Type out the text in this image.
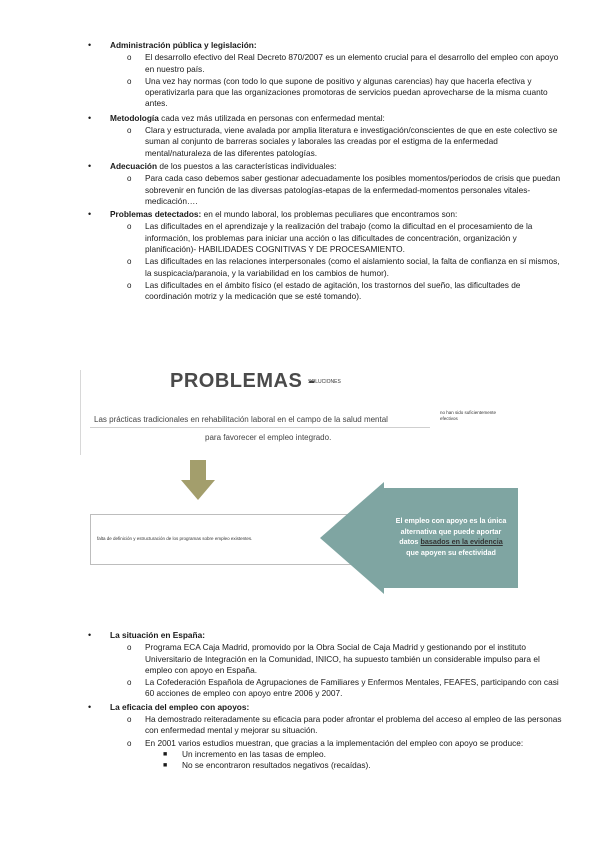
• Administración pública y legislación:
o El desarrollo efectivo del Real Decreto 870/2007 es un elemento crucial para el desarrollo del empleo con apoyo en nuestro país.
o Una vez hay normas (con todo lo que supone de positivo y algunas carencias) hay que hacerla efectiva y operativizarla para que las organizaciones promotoras de servicios puedan aprovecharse de la misma cuanto antes.
• Metodología cada vez más utilizada en personas con enfermedad mental:
o Clara y estructurada, viene avalada por amplia literatura e investigación/conscientes de que en este colectivo se suman al conjunto de barreras sociales y laborales las creadas por el estigma de la enfermedad mental/naturaleza de las diferentes patologías.
• Adecuación de los puestos a las características individuales:
o Para cada caso debemos saber gestionar adecuadamente los posibles momentos/periodos de crisis que puedan sobrevenir en función de las diversas patologías-etapas de la enfermedad-momentos personales vitales-medicación….
• Problemas detectados: en el mundo laboral, los problemas peculiares que encontramos son:
o Las dificultades en el aprendizaje y la realización del trabajo (como la dificultad en el procesamiento de la información, los problemas para iniciar una acción o las dificultades de concentración, organización y planificación)- HABILIDADES COGNITIVAS Y DE PROCESAMIENTO.
o Las dificultades en las relaciones interpersonales (como el aislamiento social, la falta de confianza en sí mismos, la suspicacia/paranoia, y la variabilidad en los cambios de humor).
o Las dificultades en el ámbito físico (el estado de agitación, los trastornos del sueño, las dificultades de coordinación motriz y la medicación que se esté tomando).
PROBLEMAS -
SOLUCIONES
Las prácticas tradicionales en rehabilitación laboral en el campo de la salud mental
para favorecer el empleo integrado.
no han sido suficientemente efectivos
falta de definición y estructuración de los programas sobre empleo existentes.
El empleo con apoyo es la única alternativa que puede aportar datos basados en la evidencia que apoyen su efectividad
• La situación en España:
o Programa ECA Caja Madrid, promovido por la Obra Social de Caja Madrid y gestionando por el instituto Universitario de Integración en la Comunidad, INICO, ha supuesto también un considerable impulso para el empleo con apoyo en España.
o La Cofederación Española de Agrupaciones de Familiares y Enfermos Mentales, FEAFES, participando con casi 60 acciones de empleo con apoyo entre 2006 y 2007.
• La eficacia del empleo con apoyos:
o Ha demostrado reiteradamente su eficacia para poder afrontar el problema del acceso al empleo de las personas con enfermedad mental y mejorar su situación.
o En 2001 varios estudios muestran, que gracias a la implementación del empleo con apoyo se produce:
■ Un incremento en las tasas de empleo.
■ No se encontraron resultados negativos (recaídas).
